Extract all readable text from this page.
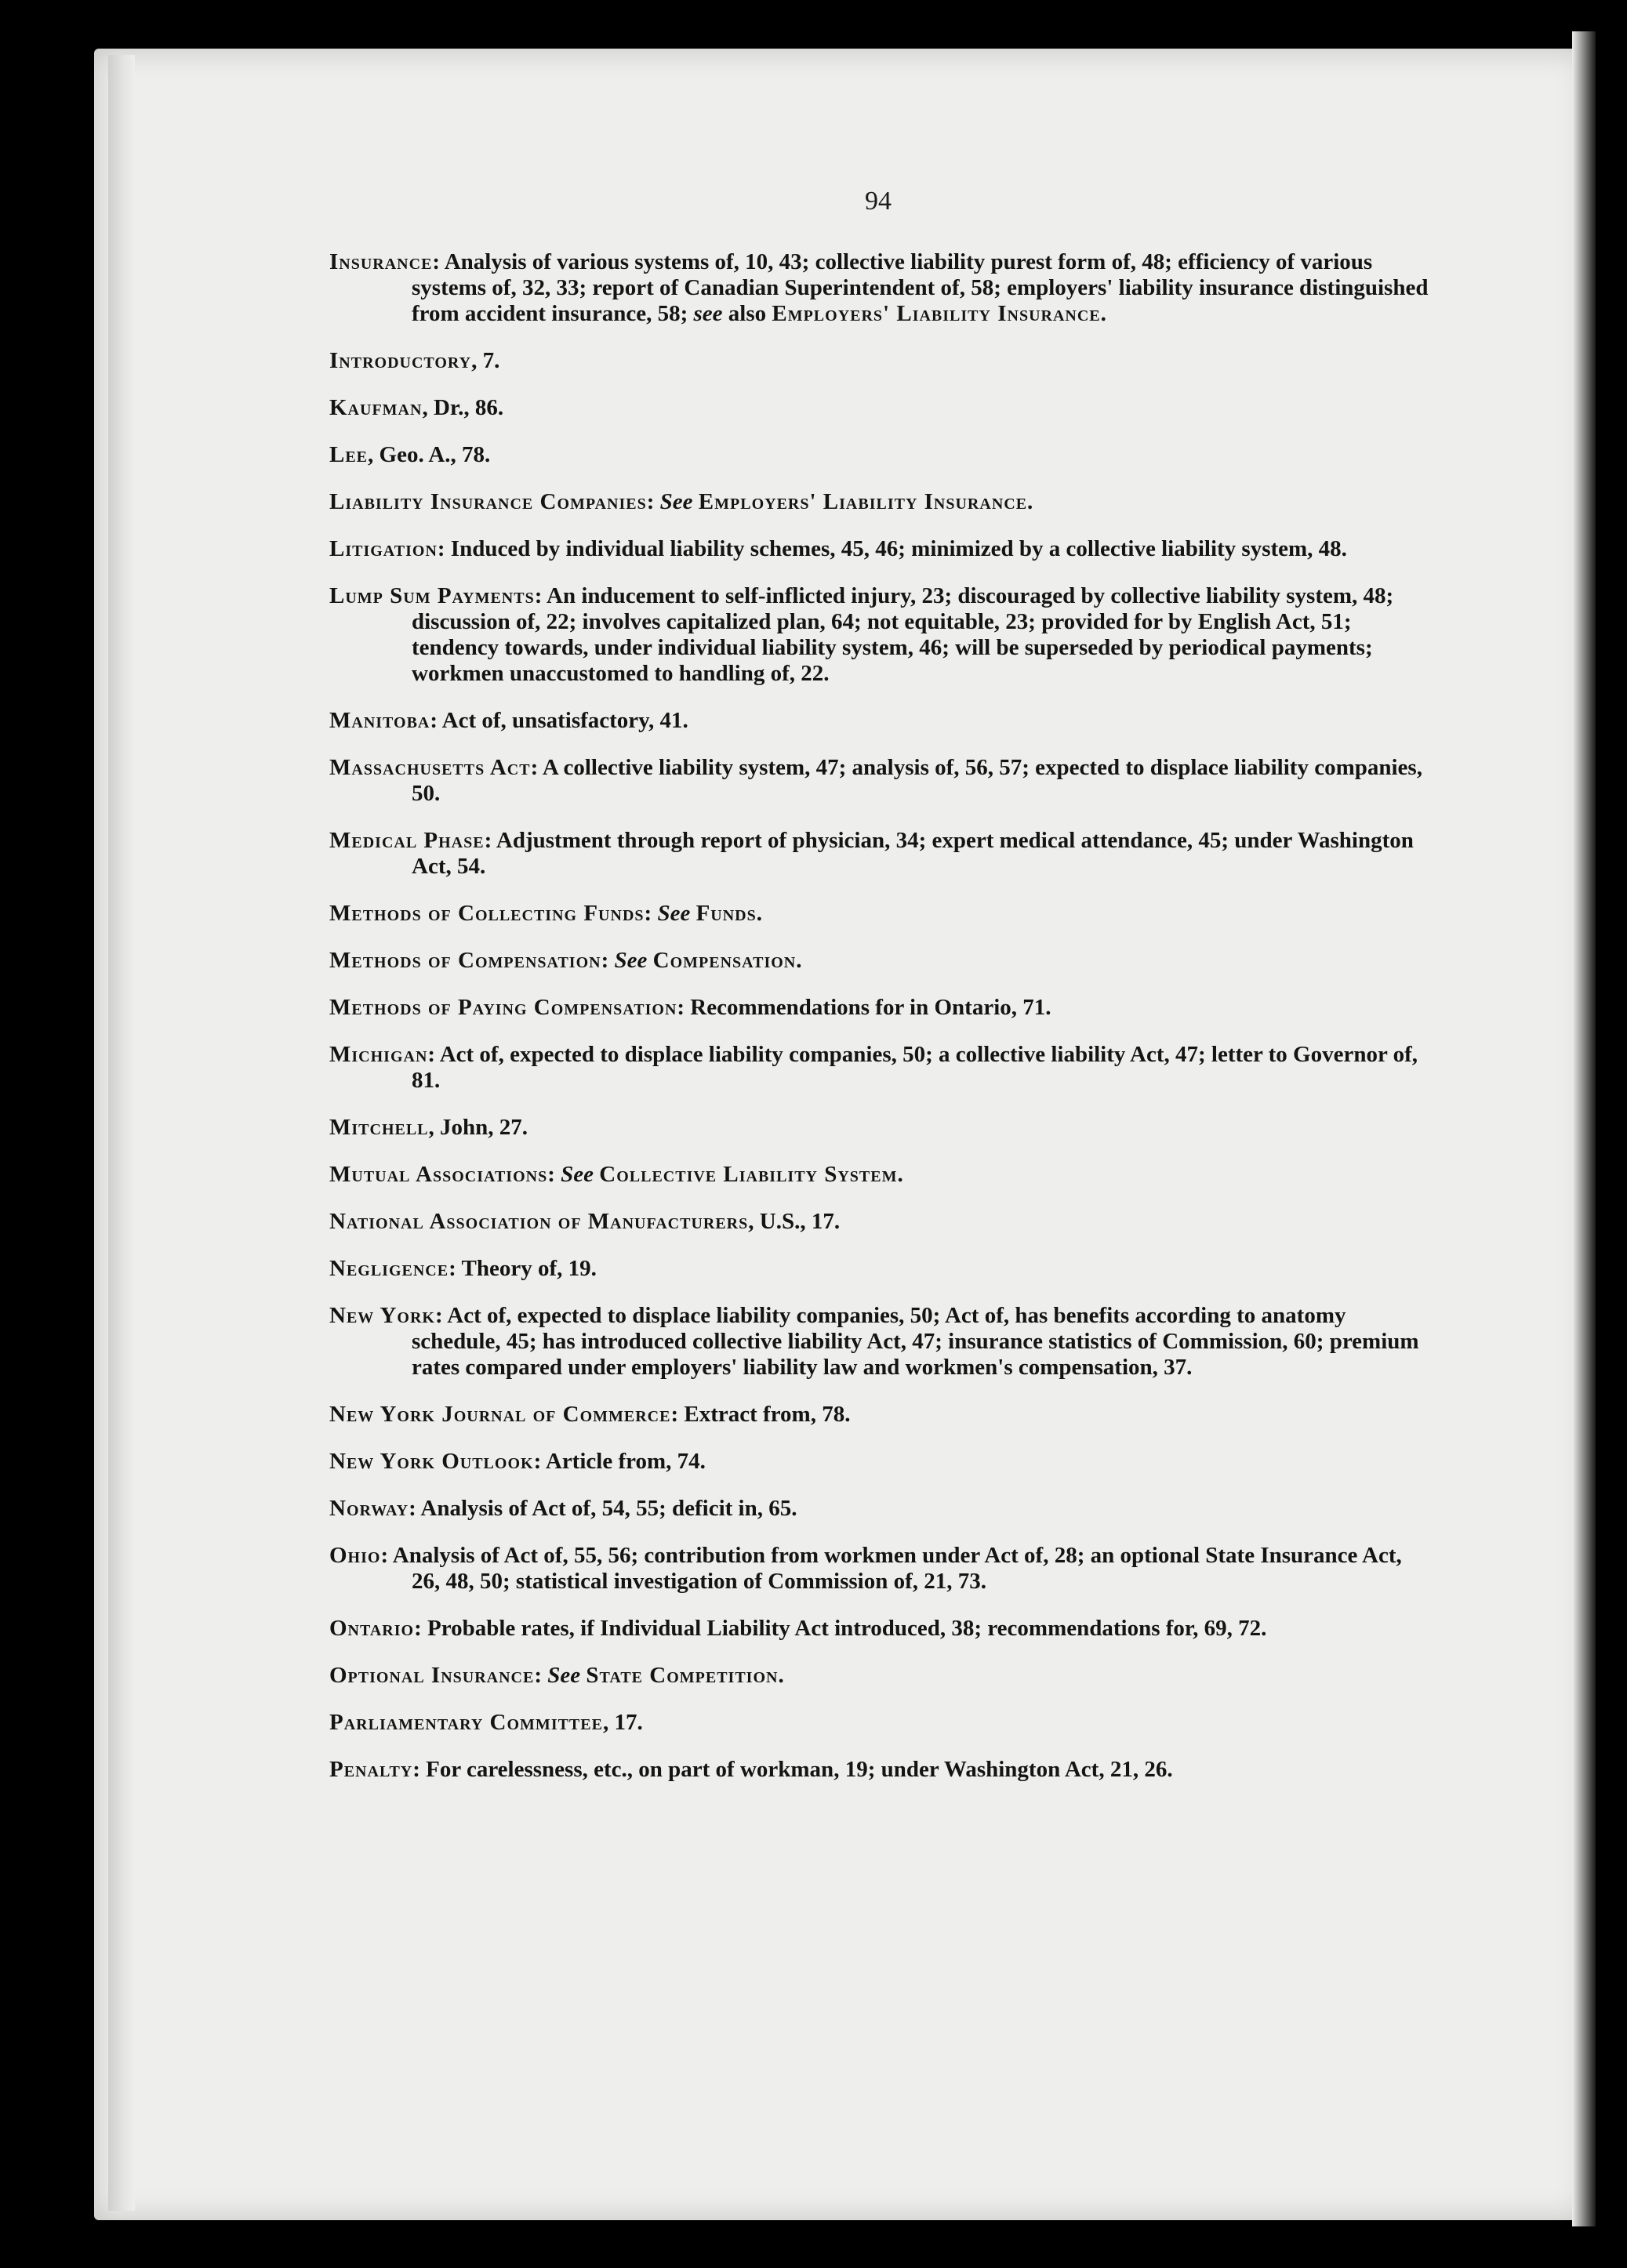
94

Insurance: Analysis of various systems of, 10, 43; collective liability purest form of, 48; efficiency of various systems of, 32, 33; report of Canadian Superintendent of, 58; employers' liability insurance distinguished from accident insurance, 58; see also Employers' Liability Insurance.

Introductory, 7.

Kaufman, Dr., 86.

Lee, Geo. A., 78.

Liability Insurance Companies: See Employers' Liability Insurance.

Litigation: Induced by individual liability schemes, 45, 46; minimized by a collective liability system, 48.

Lump Sum Payments: An inducement to self-inflicted injury, 23; discouraged by collective liability system, 48; discussion of, 22; involves capitalized plan, 64; not equitable, 23; provided for by English Act, 51; tendency towards, under individual liability system, 46; will be superseded by periodical payments; workmen unaccustomed to handling of, 22.

Manitoba: Act of, unsatisfactory, 41.

Massachusetts Act: A collective liability system, 47; analysis of, 56, 57; expected to displace liability companies, 50.

Medical Phase: Adjustment through report of physician, 34; expert medical attendance, 45; under Washington Act, 54.

Methods of Collecting Funds: See Funds.

Methods of Compensation: See Compensation.

Methods of Paying Compensation: Recommendations for in Ontario, 71.

Michigan: Act of, expected to displace liability companies, 50; a collective liability Act, 47; letter to Governor of, 81.

Mitchell, John, 27.

Mutual Associations: See Collective Liability System.

National Association of Manufacturers, U.S., 17.

Negligence: Theory of, 19.

New York: Act of, expected to displace liability companies, 50; Act of, has benefits according to anatomy schedule, 45; has introduced collective liability Act, 47; insurance statistics of Commission, 60; premium rates compared under employers' liability law and workmen's compensation, 37.

New York Journal of Commerce: Extract from, 78.

New York Outlook: Article from, 74.

Norway: Analysis of Act of, 54, 55; deficit in, 65.

Ohio: Analysis of Act of, 55, 56; contribution from workmen under Act of, 28; an optional State Insurance Act, 26, 48, 50; statistical investigation of Commission of, 21, 73.

Ontario: Probable rates, if Individual Liability Act introduced, 38; recommendations for, 69, 72.

Optional Insurance: See State Competition.

Parliamentary Committee, 17.

Penalty: For carelessness, etc., on part of workman, 19; under Washington Act, 21, 26.
